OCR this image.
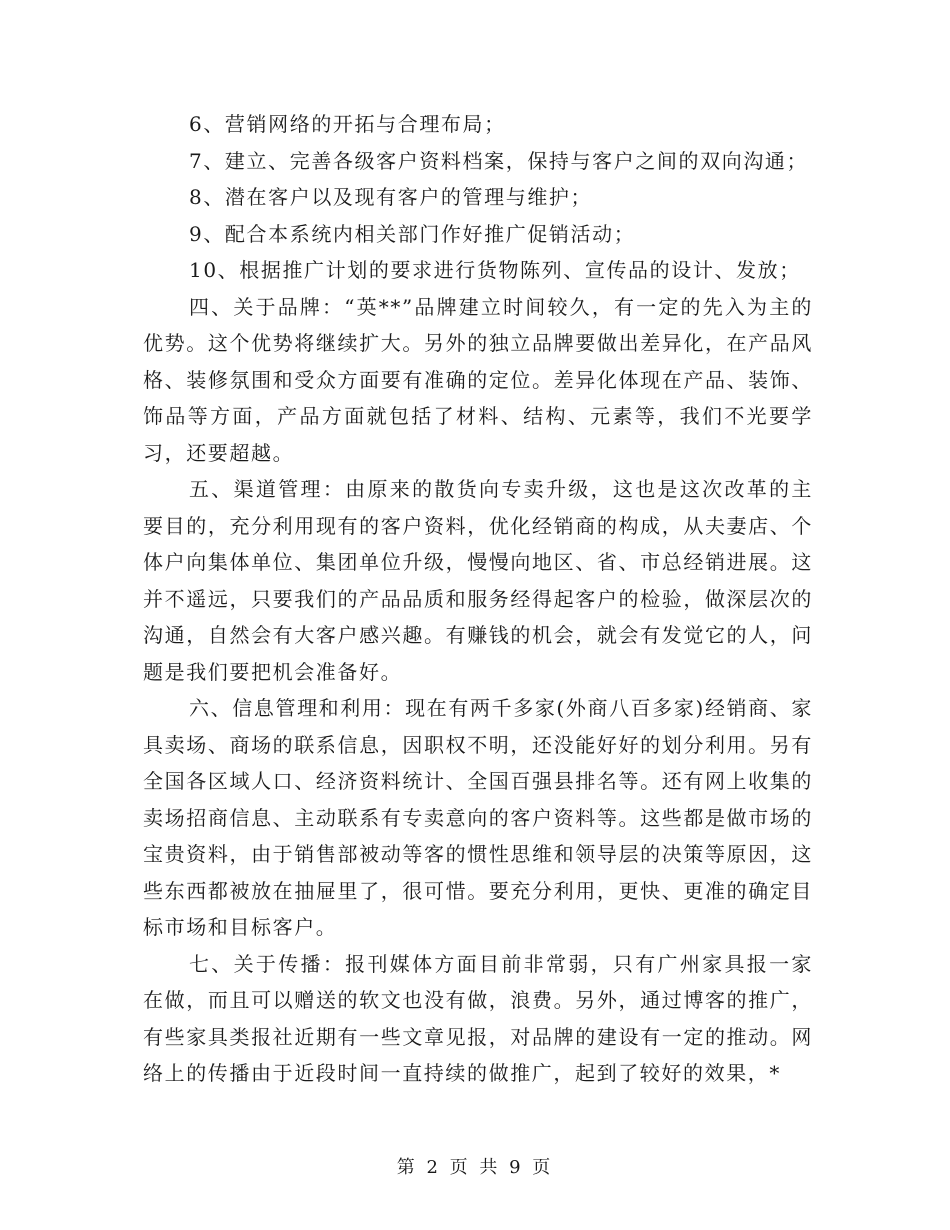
6、营销网络的开拓与合理布局；
7、建立、完善各级客户资料档案，保持与客户之间的双向沟通；
8、潜在客户以及现有客户的管理与维护；
9、配合本系统内相关部门作好推广促销活动；
10、根据推广计划的要求进行货物陈列、宣传品的设计、发放；

四、关于品牌：“英**”品牌建立时间较久，有一定的先入为主的优势。这个优势将继续扩大。另外的独立品牌要做出差异化，在产品风格、装修氛围和受众方面要有准确的定位。差异化体现在产品、装饰、饰品等方面，产品方面就包括了材料、结构、元素等，我们不光要学习，还要超越。

五、渠道管理：由原来的散货向专卖升级，这也是这次改革的主要目的，充分利用现有的客户资料，优化经销商的构成，从夫妻店、个体户向集体单位、集团单位升级，慢慢向地区、省、市总经销进展。这并不遥远，只要我们的产品品质和服务经得起客户的检验，做深层次的沟通，自然会有大客户感兴趣。有赚钱的机会，就会有发觉它的人，问题是我们要把机会准备好。

六、信息管理和利用：现在有两千多家(外商八百多家)经销商、家具卖场、商场的联系信息，因职权不明，还没能好好的划分利用。另有全国各区域人口、经济资料统计、全国百强县排名等。还有网上收集的卖场招商信息、主动联系有专卖意向的客户资料等。这些都是做市场的宝贵资料，由于销售部被动等客的惯性思维和领导层的决策等原因，这些东西都被放在抽屉里了，很可惜。要充分利用，更快、更准的确定目标市场和目标客户。

七、关于传播：报刊媒体方面目前非常弱，只有广州家具报一家在做，而且可以赠送的软文也没有做，浪费。另外，通过博客的推广，有些家具类报社近期有一些文章见报，对品牌的建设有一定的推动。网络上的传播由于近段时间一直持续的做推广，起到了较好的效果，*

第 2 页 共 9 页
